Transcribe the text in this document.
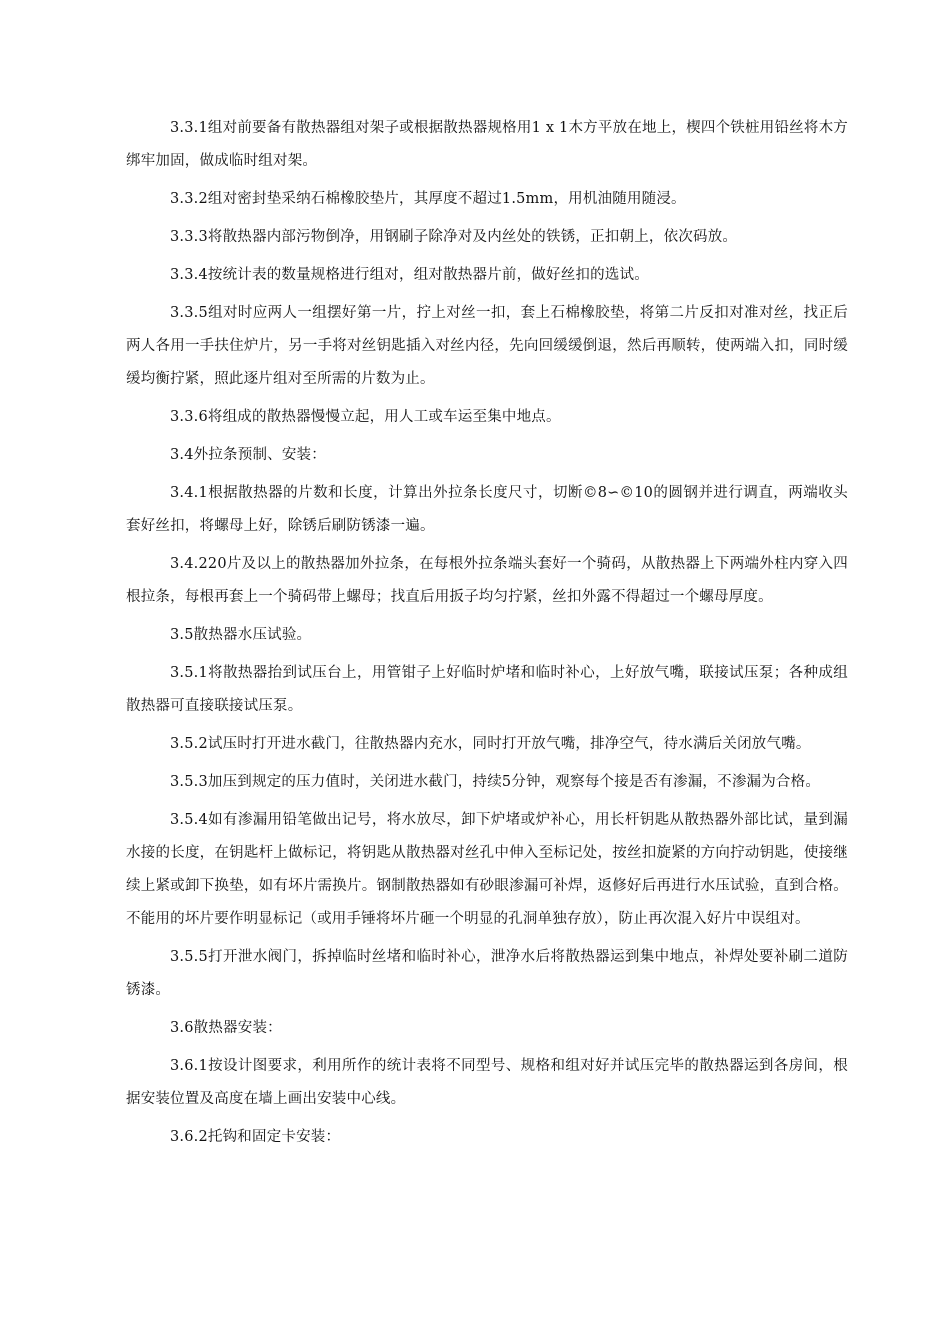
3.3.1组对前要备有散热器组对架子或根据散热器规格用1 x 1木方平放在地上，楔四个铁桩用铅丝将木方绑牢加固，做成临时组对架。

3.3.2组对密封垫采纳石棉橡胶垫片，其厚度不超过1.5mm，用机油随用随浸。

3.3.3将散热器内部污物倒净，用钢刷子除净对及内丝处的铁锈，正扣朝上，依次码放。

3.3.4按统计表的数量规格进行组对，组对散热器片前，做好丝扣的选试。

3.3.5组对时应两人一组摆好第一片，拧上对丝一扣，套上石棉橡胶垫，将第二片反扣对准对丝，找正后两人各用一手扶住炉片，另一手将对丝钥匙插入对丝内径，先向回缓缓倒退，然后再顺转，使两端入扣，同时缓缓均衡拧紧，照此逐片组对至所需的片数为止。

3.3.6将组成的散热器慢慢立起，用人工或车运至集中地点。

3.4外拉条预制、安装：

3.4.1根据散热器的片数和长度，计算出外拉条长度尺寸，切断©8∽©10的圆钢并进行调直，两端收头套好丝扣，将螺母上好，除锈后刷防锈漆一遍。

3.4.220片及以上的散热器加外拉条，在每根外拉条端头套好一个骑码，从散热器上下两端外柱内穿入四根拉条，每根再套上一个骑码带上螺母；找直后用扳子均匀拧紧，丝扣外露不得超过一个螺母厚度。

3.5散热器水压试验。

3.5.1将散热器抬到试压台上，用管钳子上好临时炉堵和临时补心，上好放气嘴，联接试压泵；各种成组散热器可直接联接试压泵。

3.5.2试压时打开进水截门，往散热器内充水，同时打开放气嘴，排净空气，待水满后关闭放气嘴。

3.5.3加压到规定的压力值时，关闭进水截门，持续5分钟，观察每个接是否有渗漏，不渗漏为合格。

3.5.4如有渗漏用铅笔做出记号，将水放尽，卸下炉堵或炉补心，用长杆钥匙从散热器外部比试，量到漏水接的长度，在钥匙杆上做标记，将钥匙从散热器对丝孔中伸入至标记处，按丝扣旋紧的方向拧动钥匙，使接继续上紧或卸下换垫，如有坏片需换片。钢制散热器如有砂眼渗漏可补焊，返修好后再进行水压试验，直到合格。不能用的坏片要作明显标记（或用手锤将坏片砸一个明显的孔洞单独存放），防止再次混入好片中误组对。

3.5.5打开泄水阀门，拆掉临时丝堵和临时补心，泄净水后将散热器运到集中地点，补焊处要补刷二道防锈漆。

3.6散热器安装：

3.6.1按设计图要求，利用所作的统计表将不同型号、规格和组对好并试压完毕的散热器运到各房间，根据安装位置及高度在墙上画出安装中心线。

3.6.2托钩和固定卡安装：
